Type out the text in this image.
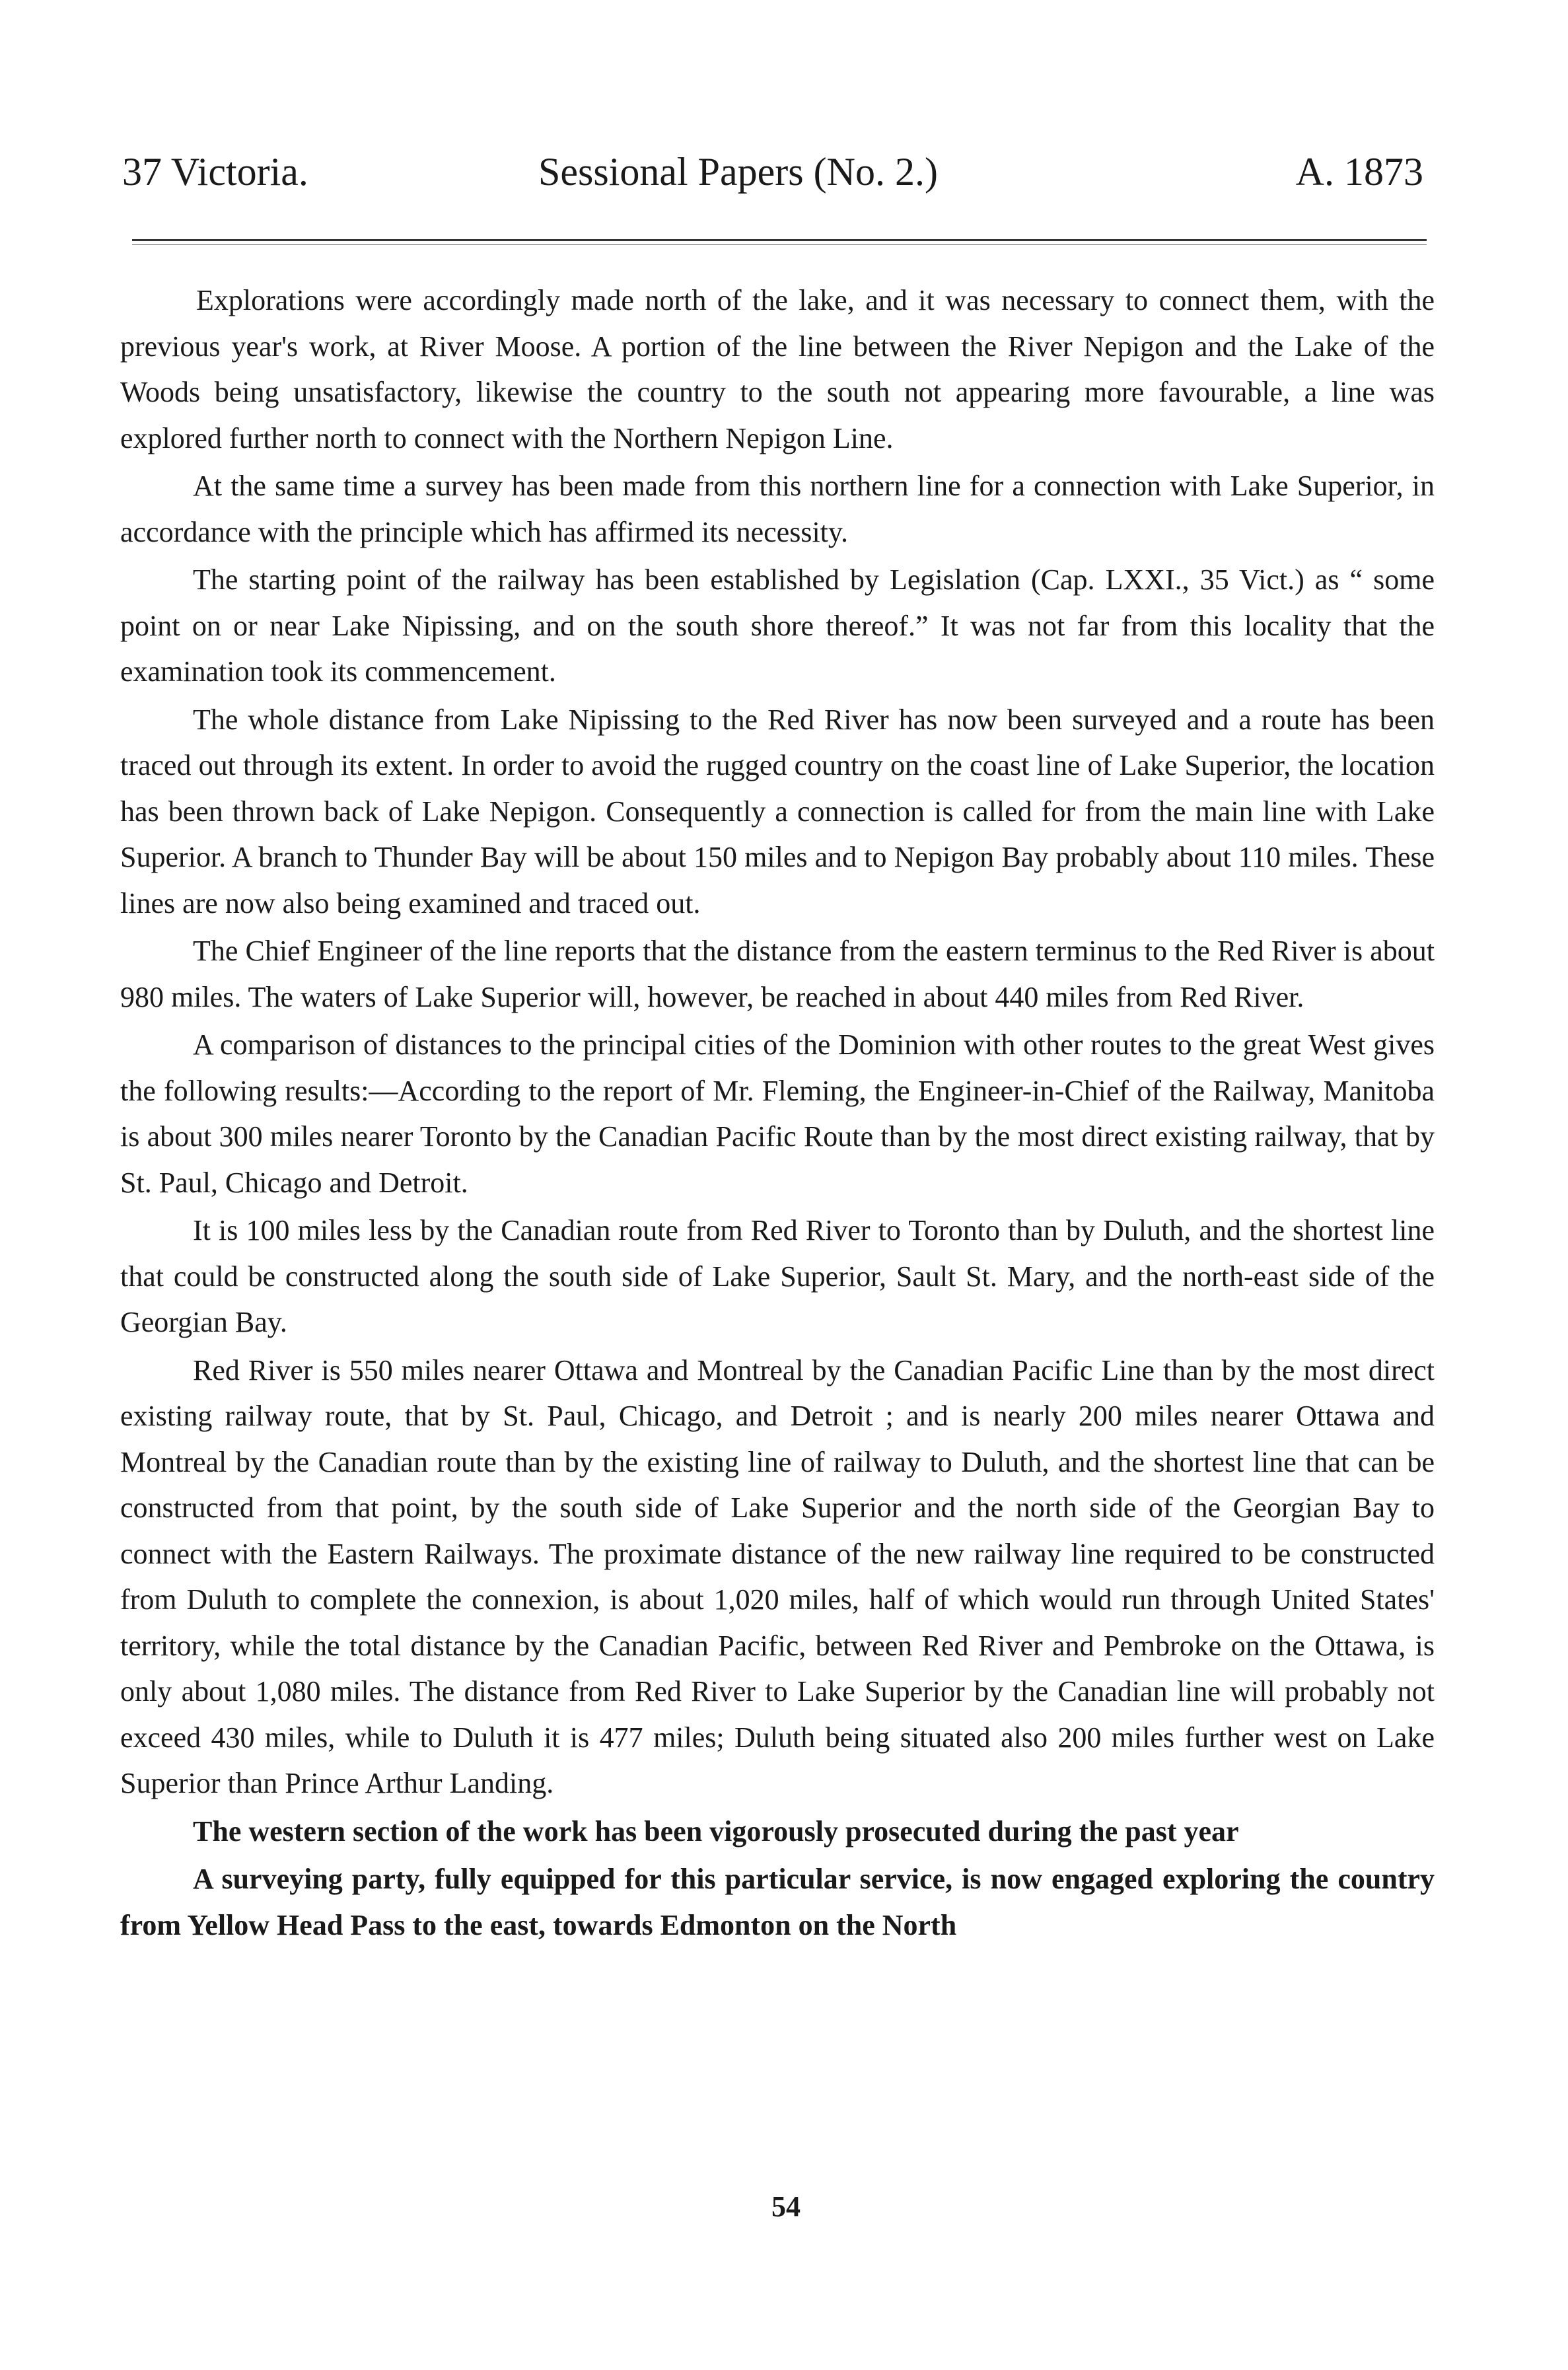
37 Victoria.	Sessional Papers (No. 2.)	A. 1873

Explorations were accordingly made north of the lake, and it was necessary to connect them, with the previous year's work, at River Moose. A portion of the line between the River Nepigon and the Lake of the Woods being unsatisfactory, likewise the country to the south not appearing more favourable, a line was explored further north to connect with the Northern Nepigon Line.

At the same time a survey has been made from this northern line for a connection with Lake Superior, in accordance with the principle which has affirmed its necessity.

The starting point of the railway has been established by Legislation (Cap. LXXI., 35 Vict.) as “ some point on or near Lake Nipissing, and on the south shore thereof.” It was not far from this locality that the examination took its commencement.

The whole distance from Lake Nipissing to the Red River has now been surveyed and a route has been traced out through its extent. In order to avoid the rugged country on the coast line of Lake Superior, the location has been thrown back of Lake Nepigon. Consequently a connection is called for from the main line with Lake Superior. A branch to Thunder Bay will be about 150 miles and to Nepigon Bay probably about 110 miles. These lines are now also being examined and traced out.

The Chief Engineer of the line reports that the distance from the eastern terminus to the Red River is about 980 miles. The waters of Lake Superior will, however, be reached in about 440 miles from Red River.

A comparison of distances to the principal cities of the Dominion with other routes to the great West gives the following results:—According to the report of Mr. Fleming, the Engineer-in-Chief of the Railway, Manitoba is about 300 miles nearer Toronto by the Canadian Pacific Route than by the most direct existing railway, that by St. Paul, Chicago and Detroit.

It is 100 miles less by the Canadian route from Red River to Toronto than by Duluth, and the shortest line that could be constructed along the south side of Lake Superior, Sault St. Mary, and the north-east side of the Georgian Bay.

Red River is 550 miles nearer Ottawa and Montreal by the Canadian Pacific Line than by the most direct existing railway route, that by St. Paul, Chicago, and Detroit ; and is nearly 200 miles nearer Ottawa and Montreal by the Canadian route than by the existing line of railway to Duluth, and the shortest line that can be constructed from that point, by the south side of Lake Superior and the north side of the Georgian Bay to connect with the Eastern Railways. The proximate distance of the new railway line required to be constructed from Duluth to complete the connexion, is about 1,020 miles, half of which would run through United States' territory, while the total distance by the Canadian Pacific, between Red River and Pembroke on the Ottawa, is only about 1,080 miles. The distance from Red River to Lake Superior by the Canadian line will probably not exceed 430 miles, while to Duluth it is 477 miles; Duluth being situated also 200 miles further west on Lake Superior than Prince Arthur Landing.

The western section of the work has been vigorously prosecuted during the past year

A surveying party, fully equipped for this particular service, is now engaged exploring the country from Yellow Head Pass to the east, towards Edmonton on the North

54
